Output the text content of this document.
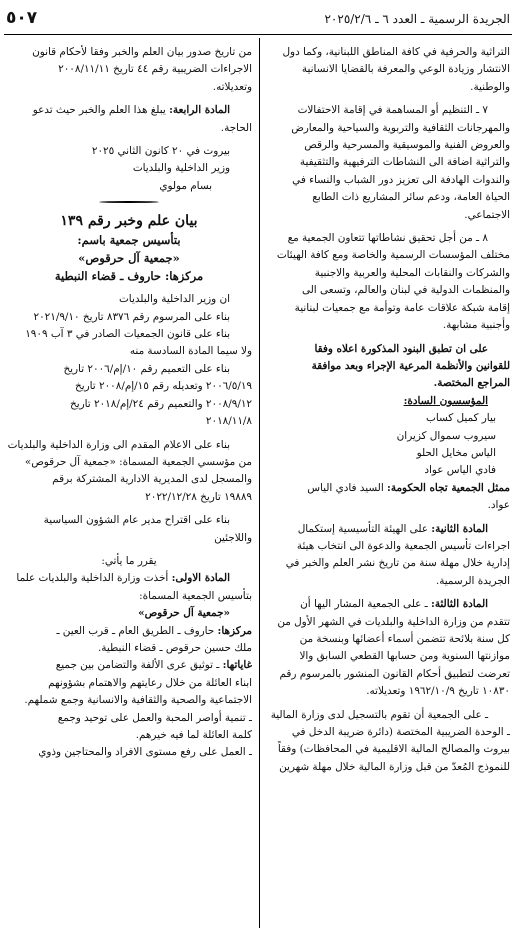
الجريدة الرسمية ـ العدد ٦ ـ ٢٠٢٥/٢/٦
٥٠٧
التراثية والحرفية في كافة المناطق اللبنانية، وكما دول
الانتشار وزيادة الوعي والمعرفة بالقضايا الانسانية
والوطنية.
٧ ـ التنظيم أو المساهمة في إقامة الاحتفالات
والمهرجانات الثقافية والتربوية والسياحية والمعارض
والعروض الفنية والموسيقية والمسرحية والرقص
والتراثية اضافة الى النشاطات الترفيهية والتثقيفية
والندوات الهادفة الى تعزيز دور الشباب والنساء في
الحياة العامة، ودعم سائر المشاريع ذات الطابع
الاجتماعي.
٨ ـ من أجل تحقيق نشاطاتها تتعاون الجمعية مع
مختلف المؤسسات الرسمية والخاصة ومع كافة الهيئات
والشركات والنقابات المحلية والعربية والاجنبية
والمنظمات الدولية في لبنان والعالم، وتسعى الى
إقامة شبكة علاقات عامة وتوأمة مع جمعيات لبنانية
وأجنبية مشابهة.
على ان تطبق البنود المذكورة اعلاه وفقا
للقوانين والأنظمة المرعية الإجراء وبعد موافقة
المراجع المختصة.
المؤسسون السادة:
بيار كميل كساب
سيروب سموال كزيران
الياس مخايل الحلو
فادي الياس عواد
ممثل الجمعية تجاه الحكومة: السيد فادي الياس
عواد.
المادة الثانية: على الهيئة التأسيسية إستكمال
اجراءات تأسيس الجمعية والدعوة الى انتخاب هيئة
إدارية خلال مهلة سنة من تاريخ نشر العلم والخبر في
الجريدة الرسمية.
المادة الثالثة: ـ على الجمعية المشار اليها أن
تتقدم من وزارة الداخلية والبلديات في الشهر الأول من
كل سنة بلائحة تتضمن أسماء أعضائها وبنسخة من
موازنتها السنوية ومن حسابها القطعي السابق والا
تعرضت لتطبيق أحكام القانون المنشور بالمرسوم رقم
١٠٨٣٠ تاريخ ١٩٦٢/١٠/٩ وتعديلاته.
ـ على الجمعية أن تقوم بالتسجيل لدى وزارة المالية
ـ الوحدة الضريبية المختصة (دائرة ضريبة الدخل في
بيروت والمصالح المالية الاقليمية في المحافظات) وفقاً
للنموذج المُعدّ من قبل وزارة المالية خلال مهلة شهرين
من تاريخ صدور بيان العلم والخبر وفقا لأحكام قانون
الاجراءات الضريبية رقم ٤٤ تاريخ ٢٠٠٨/١١/١١
وتعديلاته.
المادة الرابعة: يبلغ هذا العلم والخبر حيث تدعو
الحاجة.
بيروت في ٢٠ كانون الثاني ٢٠٢٥
وزير الداخلية والبلديات
بسام مولوي
بيان علم وخبر رقم ١٣٩
بتأسيس جمعية باسم:
«جمعية آل حرقوص»
مركزها: حاروف ـ قضاء النبطية
ان وزير الداخلية والبلديات
بناء على المرسوم رقم ٨٣٧٦ تاريخ ٢٠٢١/٩/١٠
بناء على قانون الجمعيات الصادر في ٣ آب ١٩٠٩
ولا سيما المادة السادسة منه
بناء على التعميم رقم ١٠/إم/٢٠٠٦ تاريخ
٢٠٠٦/٥/١٩ وتعديله رقم ١٥/إم/٢٠٠٨ تاريخ
٢٠٠٨/٩/١٢ والتعميم رقم ٢٤/إم/٢٠١٨ تاريخ
٢٠١٨/١١/٨
بناء على الاعلام المقدم الى وزارة الداخلية والبلديات
من مؤسسي الجمعية المسماة: «جمعية آل حرقوص»
والمسجل لدى المديرية الادارية المشتركة برقم
١٩٨٨٩ تاريخ ٢٠٢٢/١٢/٢٨
بناء على اقتراح مدير عام الشؤون السياسية
واللاجئين
يقرر ما يأتي:
المادة الاولى: أخذت وزارة الداخلية والبلديات علما
بتأسيس الجمعية المسماة:
«جمعية آل حرقوص»
مركزها: حاروف ـ الطريق العام ـ قرب العين ـ
ملك حسين حرقوص ـ قضاء النبطية.
غاياتها: ـ توثيق عرى الألفة والتضامن بين جميع
ابناء العائلة من خلال رعايتهم والاهتمام بشؤونهم
الاجتماعية والصحية والثقافية والانسانية وجمع شملهم.
ـ تنمية أواصر المحبة والعمل على توحيد وجمع
كلمة العائلة لما فيه خيرهم.
ـ العمل على رفع مستوى الافراد والمحتاجين وذوي
